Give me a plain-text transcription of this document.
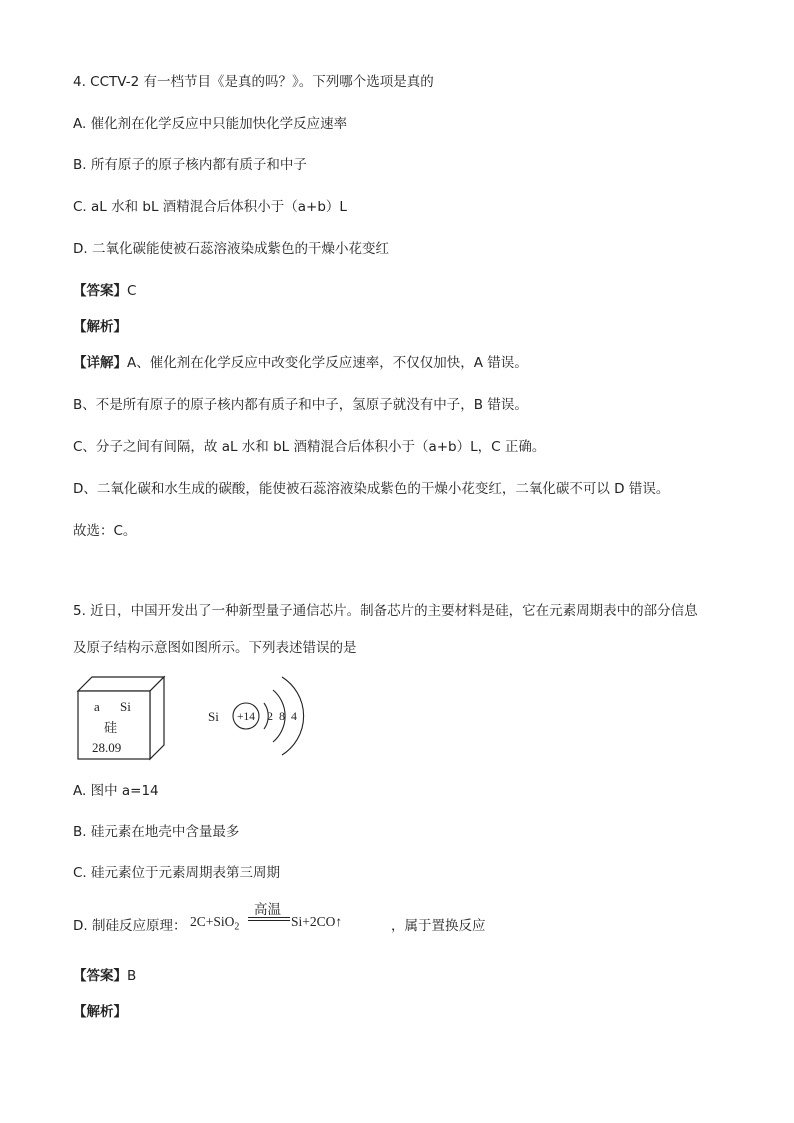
4. CCTV-2 有一档节目《是真的吗？》。下列哪个选项是真的
A. 催化剂在化学反应中只能加快化学反应速率
B. 所有原子的原子核内都有质子和中子
C. aL 水和 bL 酒精混合后体积小于（a+b）L
D. 二氧化碳能使被石蕊溶液染成紫色的干燥小花变红
【答案】C
【解析】
【详解】A、催化剂在化学反应中改变化学反应速率，不仅仅加快，A 错误。
B、不是所有原子的原子核内都有质子和中子，氢原子就没有中子，B 错误。
C、分子之间有间隔，故 aL 水和 bL 酒精混合后体积小于（a+b）L，C 正确。
D、二氧化碳和水生成的碳酸，能使被石蕊溶液染成紫色的干燥小花变红，二氧化碳不可以 D 错误。
故选：C。
5. 近日，中国开发出了一种新型量子通信芯片。制备芯片的主要材料是硅，它在元素周期表中的部分信息
及原子结构示意图如图所示。下列表述错误的是
a Si
硅
28.09
Si +14 2 8 4
A. 图中 a=14
B. 硅元素在地壳中含量最多
C. 硅元素位于元素周期表第三周期
D. 制硅反应原理： 2C+SiO$_2$
高温
Si+2CO↑	，属于置换反应
【答案】B
【解析】
